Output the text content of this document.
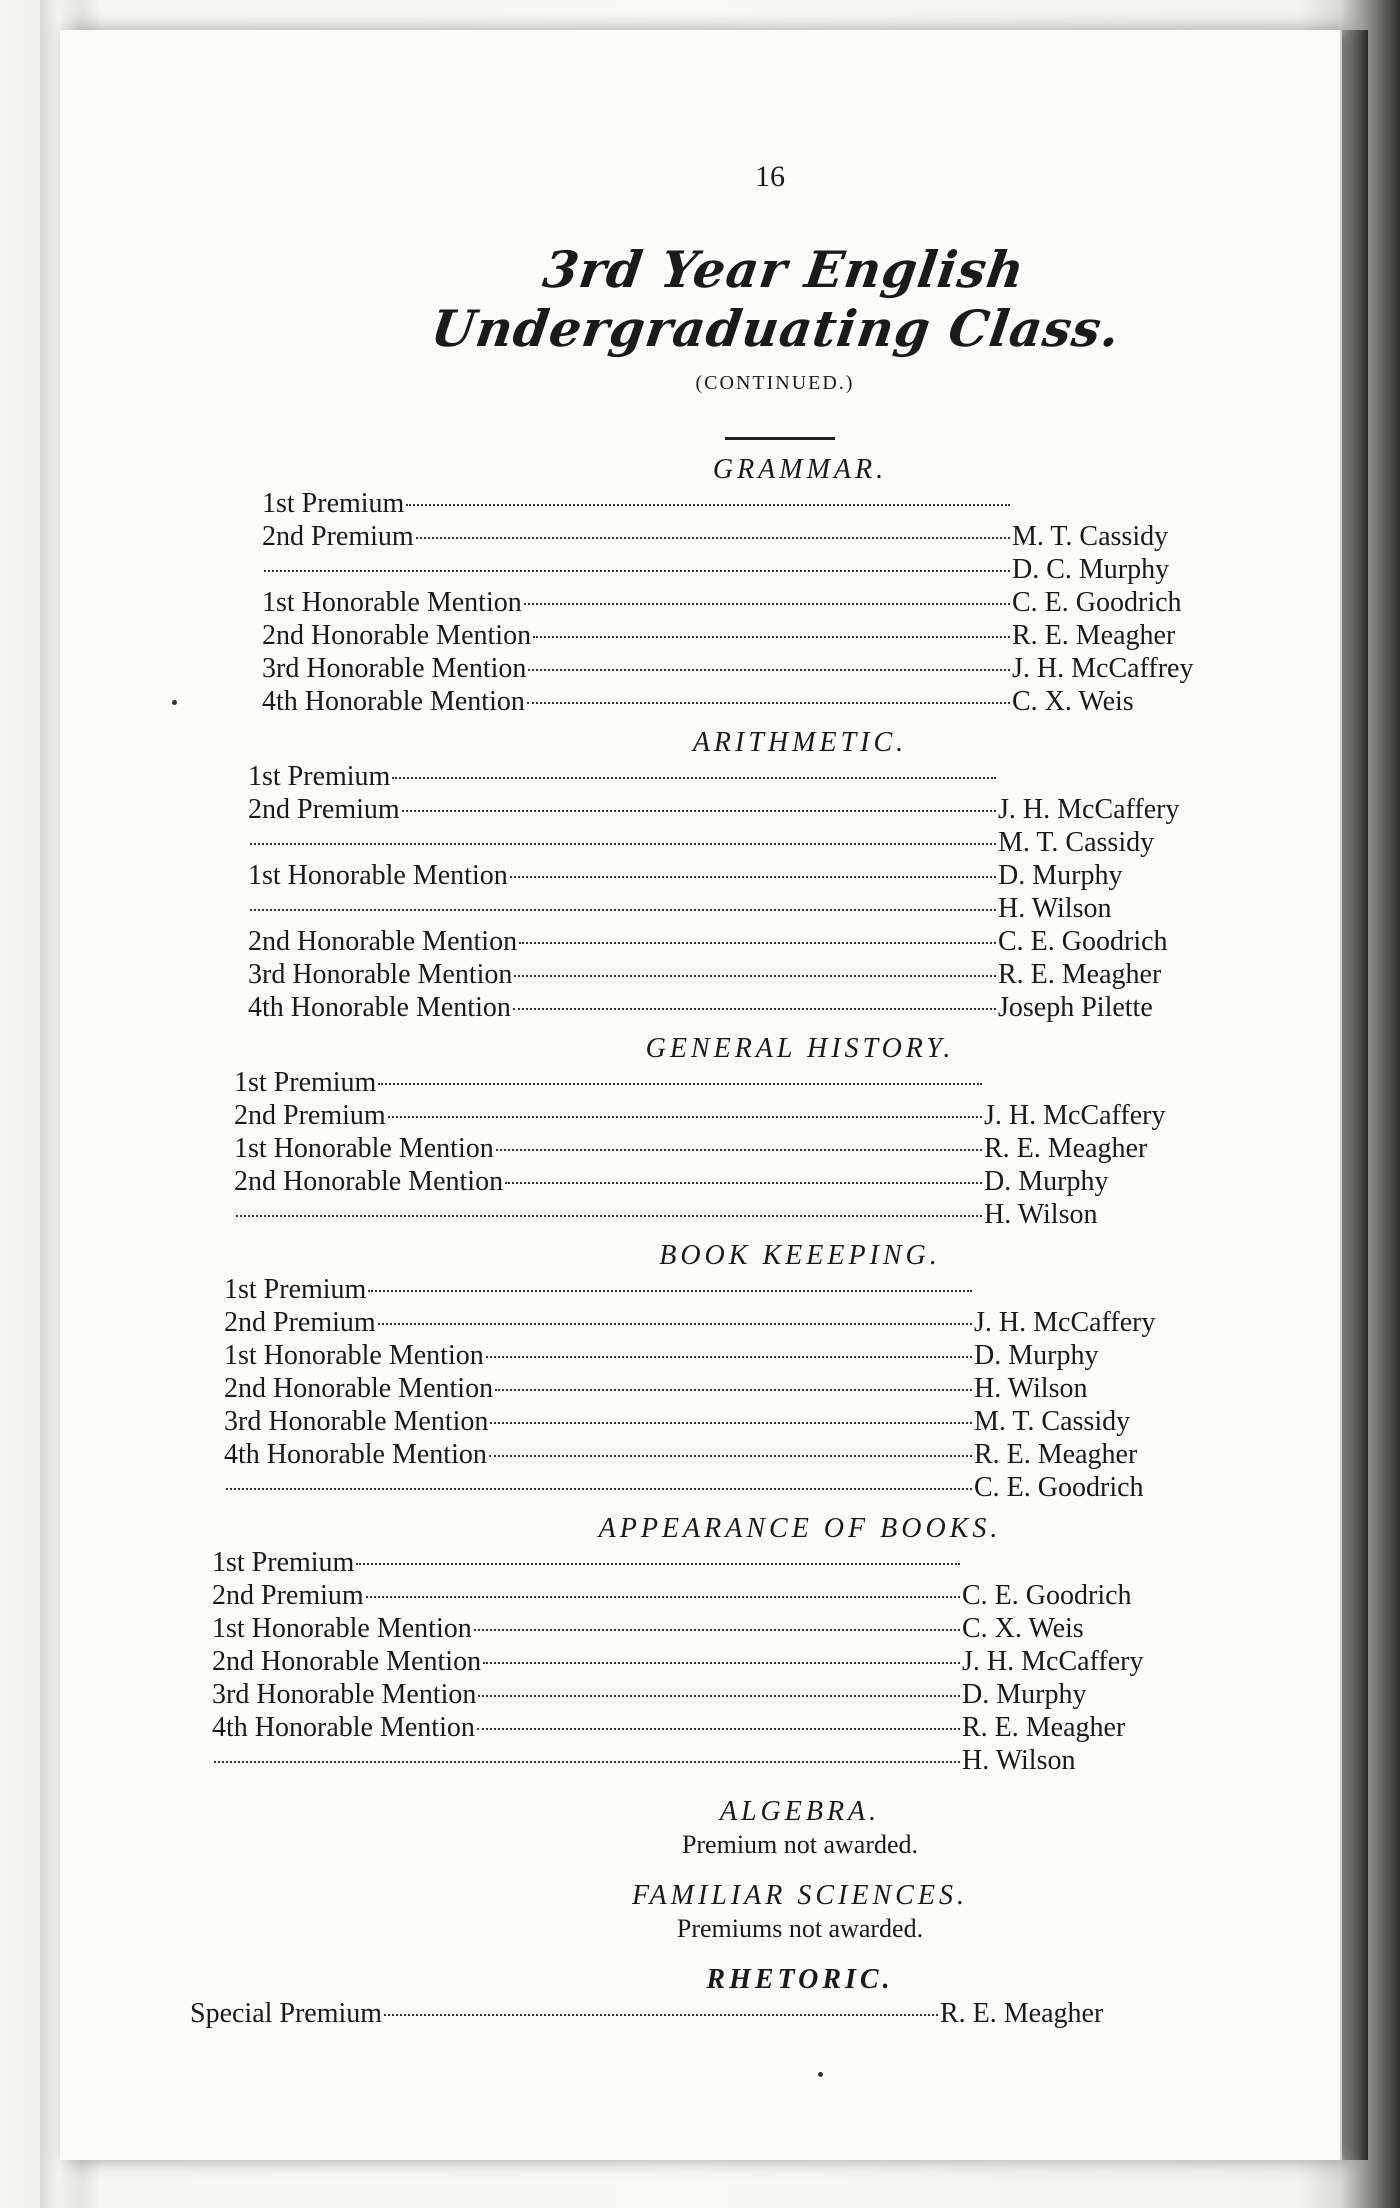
16
3rd Year English Undergraduating Class.
(CONTINUED.)
GRAMMAR.
1st Premium
2nd Premium	M. T. Cassidy
D. C. Murphy
1st Honorable Mention	C. E. Goodrich
2nd Honorable Mention	R. E. Meagher
3rd Honorable Mention	J. H. McCaffrey
4th Honorable Mention	C. X. Weis
ARITHMETIC.
1st Premium
2nd Premium	J. H. McCaffery
M. T. Cassidy
1st Honorable Mention	D. Murphy
H. Wilson
2nd Honorable Mention	C. E. Goodrich
3rd Honorable Mention	R. E. Meagher
4th Honorable Mention	Joseph Pilette
GENERAL HISTORY.
1st Premium
2nd Premium	J. H. McCaffery
1st Honorable Mention	R. E. Meagher
2nd Honorable Mention	D. Murphy
H. Wilson
BOOK KEEEPING.
1st Premium
2nd Premium	J. H. McCaffery
1st Honorable Mention	D. Murphy
2nd Honorable Mention	H. Wilson
3rd Honorable Mention	M. T. Cassidy
4th Honorable Mention	R. E. Meagher
C. E. Goodrich
APPEARANCE OF BOOKS.
1st Premium
2nd Premium	C. E. Goodrich
1st Honorable Mention	C. X. Weis
2nd Honorable Mention	J. H. McCaffery
3rd Honorable Mention	D. Murphy
4th Honorable Mention	R. E. Meagher
H. Wilson
ALGEBRA.
Premium not awarded.
FAMILIAR SCIENCES.
Premiums not awarded.
RHETORIC.
Special Premium	R. E. Meagher
